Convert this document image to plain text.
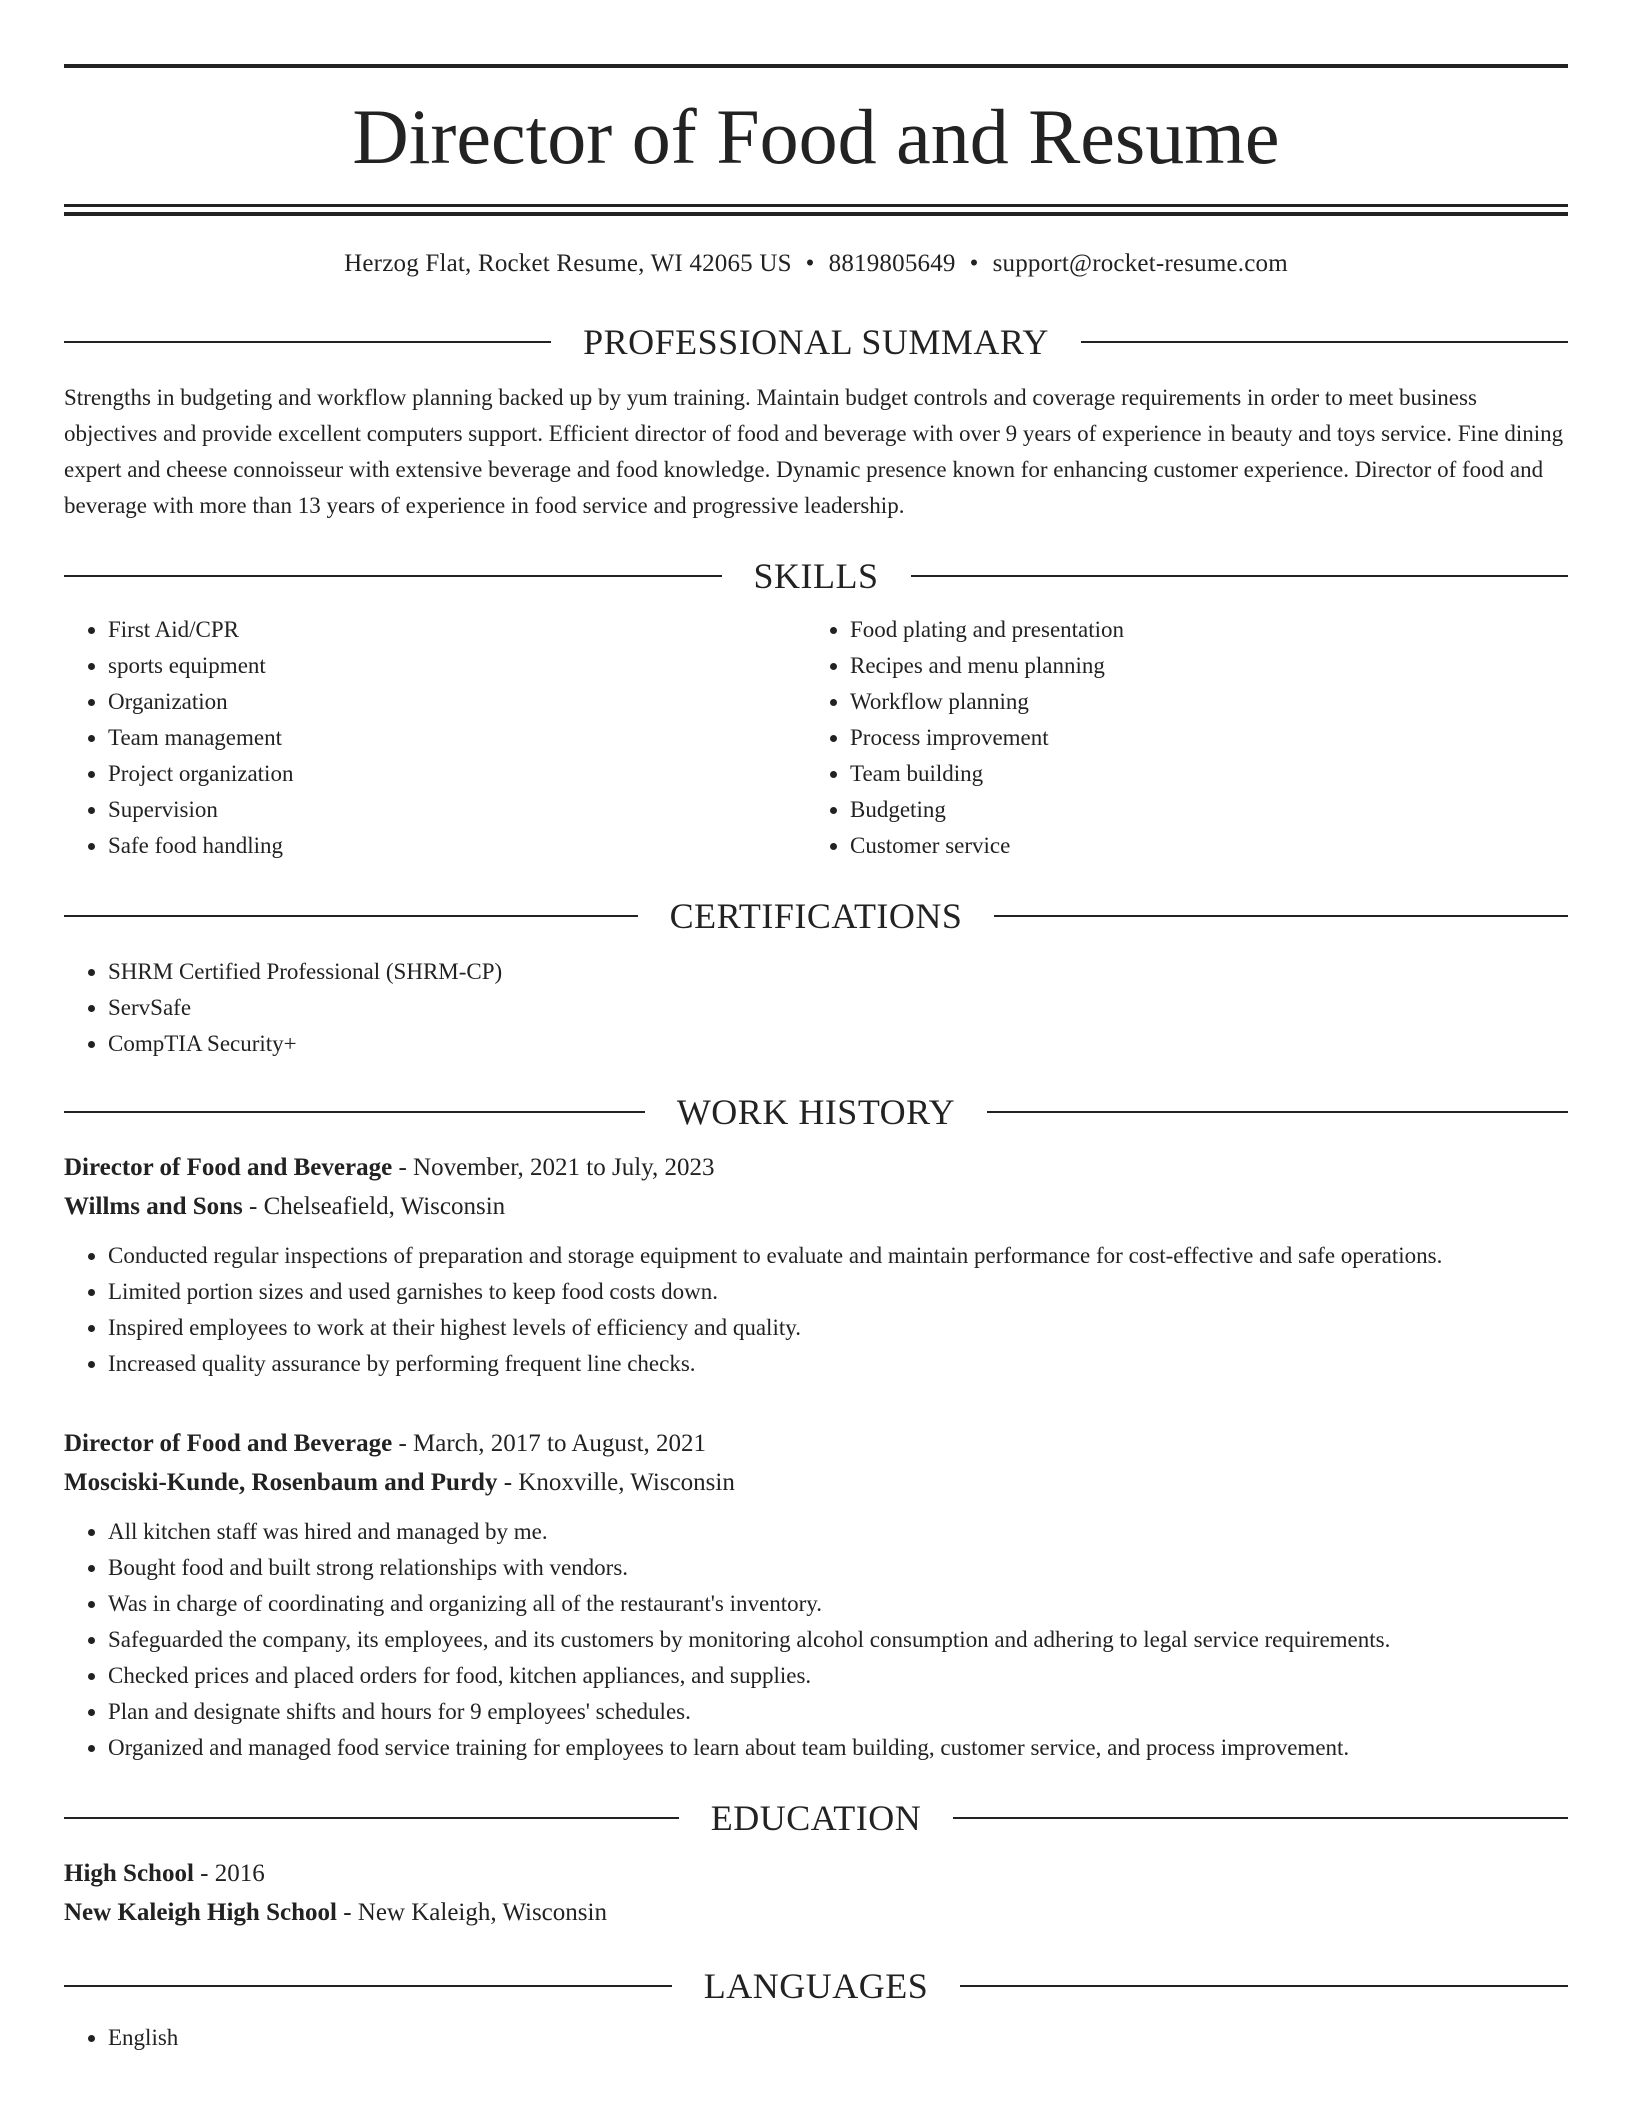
Director of Food and Resume
Herzog Flat, Rocket Resume, WI 42065 US • 8819805649 • support@rocket-resume.com
PROFESSIONAL SUMMARY
Strengths in budgeting and workflow planning backed up by yum training. Maintain budget controls and coverage requirements in order to meet business objectives and provide excellent computers support. Efficient director of food and beverage with over 9 years of experience in beauty and toys service. Fine dining expert and cheese connoisseur with extensive beverage and food knowledge. Dynamic presence known for enhancing customer experience. Director of food and beverage with more than 13 years of experience in food service and progressive leadership.
SKILLS
• First Aid/CPR
• sports equipment
• Organization
• Team management
• Project organization
• Supervision
• Safe food handling
• Food plating and presentation
• Recipes and menu planning
• Workflow planning
• Process improvement
• Team building
• Budgeting
• Customer service
CERTIFICATIONS
• SHRM Certified Professional (SHRM-CP)
• ServSafe
• CompTIA Security+
WORK HISTORY
Director of Food and Beverage - November, 2021 to July, 2023
Willms and Sons - Chelseafield, Wisconsin
• Conducted regular inspections of preparation and storage equipment to evaluate and maintain performance for cost-effective and safe operations.
• Limited portion sizes and used garnishes to keep food costs down.
• Inspired employees to work at their highest levels of efficiency and quality.
• Increased quality assurance by performing frequent line checks.
Director of Food and Beverage - March, 2017 to August, 2021
Mosciski-Kunde, Rosenbaum and Purdy - Knoxville, Wisconsin
• All kitchen staff was hired and managed by me.
• Bought food and built strong relationships with vendors.
• Was in charge of coordinating and organizing all of the restaurant's inventory.
• Safeguarded the company, its employees, and its customers by monitoring alcohol consumption and adhering to legal service requirements.
• Checked prices and placed orders for food, kitchen appliances, and supplies.
• Plan and designate shifts and hours for 9 employees' schedules.
• Organized and managed food service training for employees to learn about team building, customer service, and process improvement.
EDUCATION
High School - 2016
New Kaleigh High School - New Kaleigh, Wisconsin
LANGUAGES
• English
